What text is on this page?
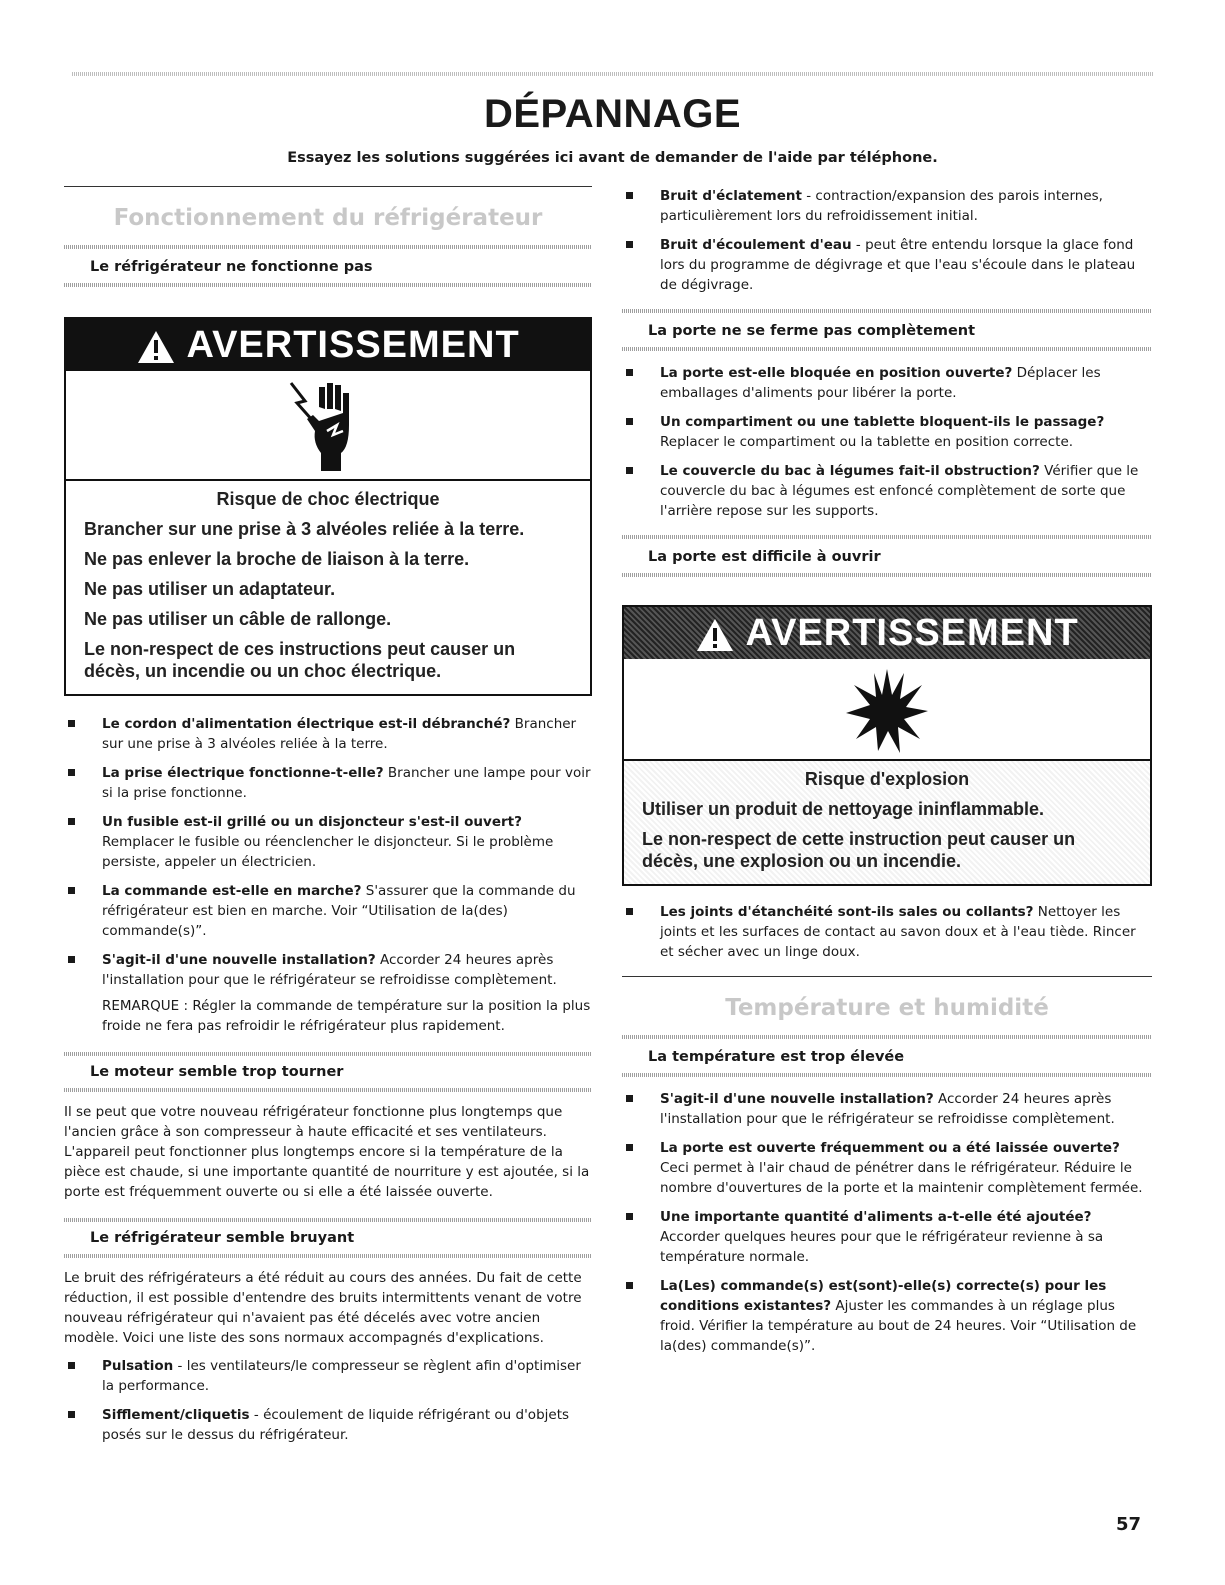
DÉPANNAGE

Essayez les solutions suggérées ici avant de demander de l'aide par téléphone.

Fonctionnement du réfrigérateur
Le réfrigérateur ne fonctionne pas
AVERTISSEMENT
Risque de choc électrique

Brancher sur une prise à 3 alvéoles reliée à la terre.

Ne pas enlever la broche de liaison à la terre.

Ne pas utiliser un adaptateur.

Ne pas utiliser un câble de rallonge.

Le non-respect de ces instructions peut causer un décès, un incendie ou un choc électrique.

Le cordon d'alimentation électrique est-il débranché? Brancher sur une prise à 3 alvéoles reliée à la terre.
La prise électrique fonctionne-t-elle? Brancher une lampe pour voir si la prise fonctionne.
Un fusible est-il grillé ou un disjoncteur s'est-il ouvert? Remplacer le fusible ou réenclencher le disjoncteur. Si le problème persiste, appeler un électricien.
La commande est-elle en marche? S'assurer que la commande du réfrigérateur est bien en marche. Voir “Utilisation de la(des) commande(s)”.
S'agit-il d'une nouvelle installation? Accorder 24 heures après l'installation pour que le réfrigérateur se refroidisse complètement.

REMARQUE : Régler la commande de température sur la position la plus froide ne fera pas refroidir le réfrigérateur plus rapidement.

Le moteur semble trop tourner

Il se peut que votre nouveau réfrigérateur fonctionne plus longtemps que l'ancien grâce à son compresseur à haute efficacité et ses ventilateurs. L'appareil peut fonctionner plus longtemps encore si la température de la pièce est chaude, si une importante quantité de nourriture y est ajoutée, si la porte est fréquemment ouverte ou si elle a été laissée ouverte.

Le réfrigérateur semble bruyant

Le bruit des réfrigérateurs a été réduit au cours des années. Du fait de cette réduction, il est possible d'entendre des bruits intermittents venant de votre nouveau réfrigérateur qui n'avaient pas été décelés avec votre ancien modèle. Voici une liste des sons normaux accompagnés d'explications.

Pulsation - les ventilateurs/le compresseur se règlent afin d'optimiser la performance.
Sifflement/cliquetis - écoulement de liquide réfrigérant ou d'objets posés sur le dessus du réfrigérateur.
Bruit d'éclatement - contraction/expansion des parois internes, particulièrement lors du refroidissement initial.
Bruit d'écoulement d'eau - peut être entendu lorsque la glace fond lors du programme de dégivrage et que l'eau s'écoule dans le plateau de dégivrage.
La porte ne se ferme pas complètement
La porte est-elle bloquée en position ouverte? Déplacer les emballages d'aliments pour libérer la porte.
Un compartiment ou une tablette bloquent-ils le passage? Replacer le compartiment ou la tablette en position correcte.
Le couvercle du bac à légumes fait-il obstruction? Vérifier que le couvercle du bac à légumes est enfoncé complètement de sorte que l'arrière repose sur les supports.
La porte est difficile à ouvrir
AVERTISSEMENT
Risque d'explosion

Utiliser un produit de nettoyage ininflammable.

Le non-respect de cette instruction peut causer un décès, une explosion ou un incendie.

Les joints d'étanchéité sont-ils sales ou collants? Nettoyer les joints et les surfaces de contact au savon doux et à l'eau tiède. Rincer et sécher avec un linge doux.
Température et humidité
La température est trop élevée
S'agit-il d'une nouvelle installation? Accorder 24 heures après l'installation pour que le réfrigérateur se refroidisse complètement.
La porte est ouverte fréquemment ou a été laissée ouverte? Ceci permet à l'air chaud de pénétrer dans le réfrigérateur. Réduire le nombre d'ouvertures de la porte et la maintenir complètement fermée.
Une importante quantité d'aliments a-t-elle été ajoutée? Accorder quelques heures pour que le réfrigérateur revienne à sa température normale.
La(Les) commande(s) est(sont)-elle(s) correcte(s) pour les conditions existantes? Ajuster les commandes à un réglage plus froid. Vérifier la température au bout de 24 heures. Voir “Utilisation de la(des) commande(s)”.
57
